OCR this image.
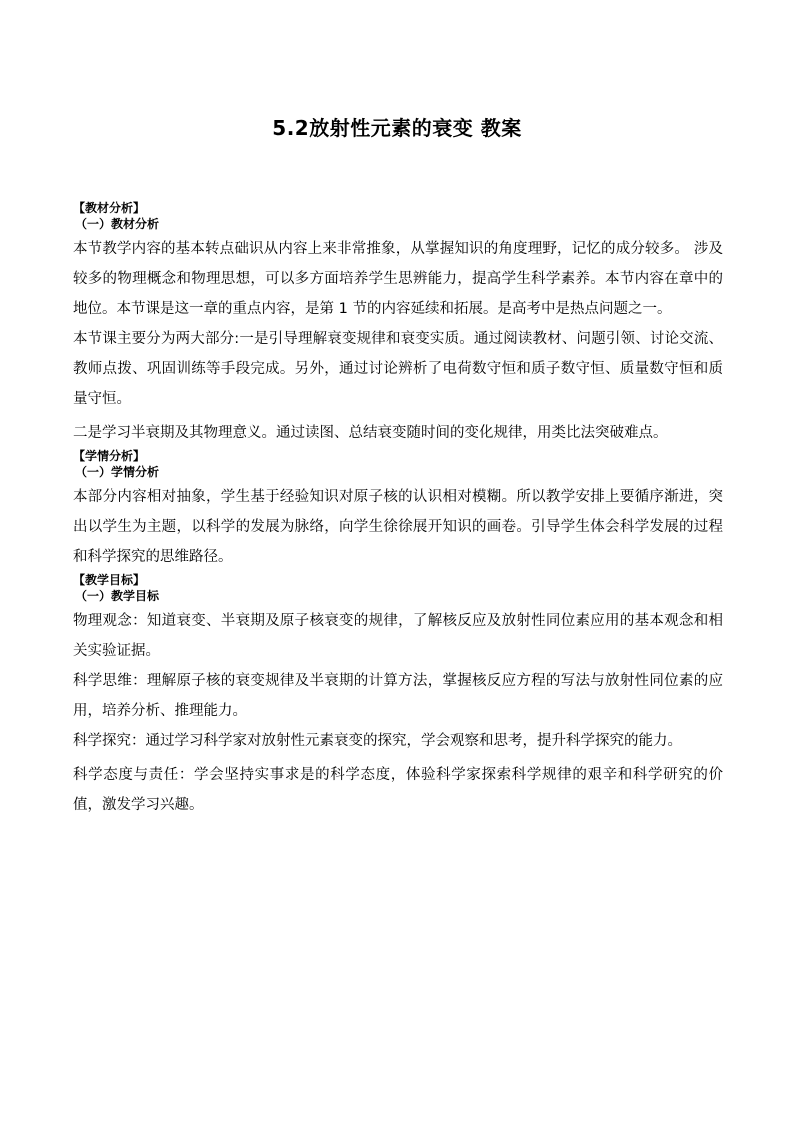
5.2放射性元素的衰变 教案
【教材分析】
（一）教材分析

本节教学内容的基本转点础识从内容上来非常推象，从掌握知识的角度理野，记忆的成分较多。 涉及较多的物理概念和物理思想，可以多方面培养学生思辨能力，提高学生科学素养。本节内容在章中的地位。本节课是这一章的重点内容，是第 1 节的内容延续和拓展。是高考中是热点问题之一。

本节课主要分为两大部分:一是引导理解衰变规律和衰变实质。通过阅读教材、问题引领、讨论交流、教师点拨、巩固训练等手段完成。另外，通过讨论辨析了电荷数守恒和质子数守恒、质量数守恒和质量守恒。

二是学习半衰期及其物理意义。通过读图、总结衰变随时间的变化规律，用类比法突破难点。

【学情分析】
（一）学情分析

本部分内容相对抽象，学生基于经验知识对原子核的认识相对模糊。所以教学安排上要循序渐进，突出以学生为主题，以科学的发展为脉络，向学生徐徐展开知识的画卷。引导学生体会科学发展的过程和科学探究的思维路径。

【教学目标】
（一）教学目标

物理观念：知道衰变、半衰期及原子核衰变的规律，了解核反应及放射性同位素应用的基本观念和相关实验证据。

科学思维：理解原子核的衰变规律及半衰期的计算方法，掌握核反应方程的写法与放射性同位素的应用，培养分析、推理能力。

科学探究：通过学习科学家对放射性元素衰变的探究，学会观察和思考，提升科学探究的能力。

科学态度与责任：学会坚持实事求是的科学态度，体验科学家探索科学规律的艰辛和科学研究的价值，激发学习兴趣。
